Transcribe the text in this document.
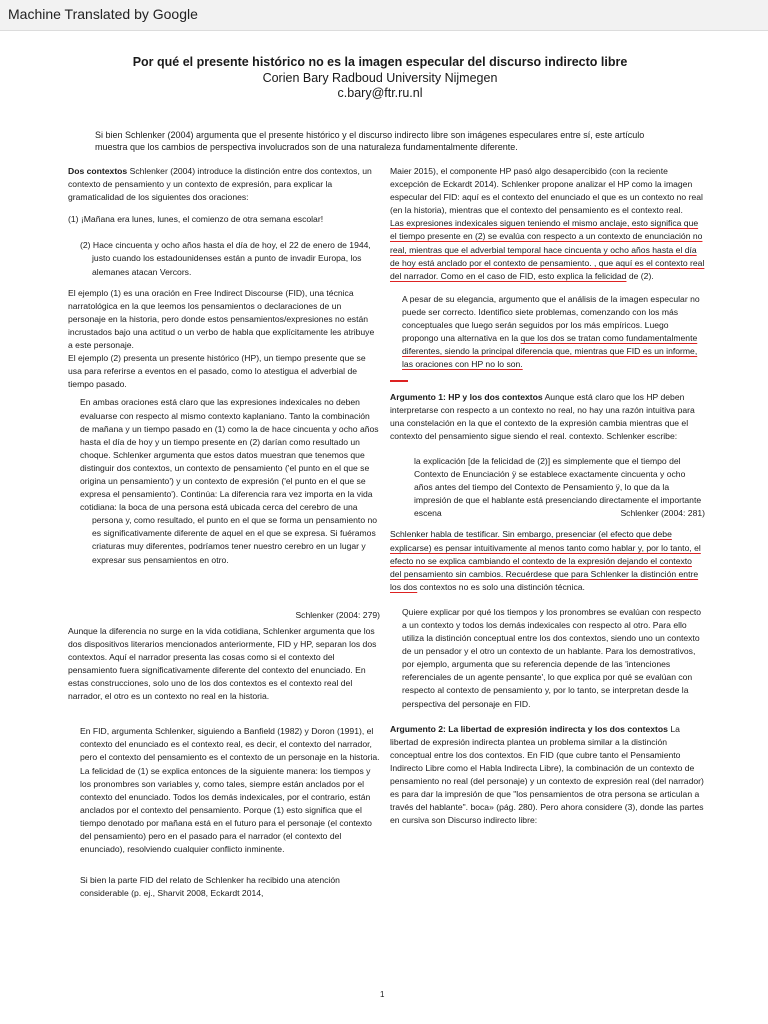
Machine Translated by Google
Por qué el presente histórico no es la imagen especular del discurso indirecto libre Corien Bary Radboud University Nijmegen
c.bary@ftr.ru.nl
Si bien Schlenker (2004) argumenta que el presente histórico y el discurso indirecto libre son imágenes especulares entre sí, este artículo muestra que los cambios de perspectiva involucrados son de una naturaleza fundamentalmente diferente.

Dos contextos Schlenker (2004) introduce la distinción entre dos contextos, un contexto de pensamiento y un contexto de expresión, para explicar la gramaticalidad de los siguientes dos oraciones:

(1) ¡Mañana era lunes, lunes, el comienzo de otra semana escolar!

(2) Hace cincuenta y ocho años hasta el día de hoy, el 22 de enero de 1944, justo cuando los estadounidenses están a punto de invadir Europa, los alemanes atacan Vercors.

El ejemplo (1) es una oración en Free Indirect Discourse (FID), una técnica narratológica en la que leemos los pensamientos o declaraciones de un personaje en la historia, pero donde estos pensamientos/expresiones no están incrustados bajo una actitud o un verbo de habla que explícitamente les atribuye a este personaje.

El ejemplo (2) presenta un presente histórico (HP), un tiempo presente que se usa para referirse a eventos en el pasado, como lo atestigua el adverbial de tiempo pasado.

En ambas oraciones está claro que las expresiones indexicales no deben evaluarse con respecto al mismo contexto kaplaniano. Tanto la combinación de mañana y un tiempo pasado en (1) como la de hace cincuenta y ocho años hasta el día de hoy y un tiempo presente en (2) darían como resultado un choque. Schlenker argumenta que estos datos muestran que tenemos que distinguir dos contextos, un contexto de pensamiento ('el punto en el que se origina un pensamiento') y un contexto de expresión ('el punto en el que se expresa el pensamiento'). Continúa: La diferencia rara vez importa en la vida cotidiana: la boca de una persona está ubicada cerca del cerebro de una

persona y, como resultado, el punto en el que se forma un pensamiento no es significativamente diferente de aquel en el que se expresa. Si fuéramos criaturas muy diferentes, podríamos tener nuestro cerebro en un lugar y expresar sus pensamientos en otro.

Schlenker (2004: 279)

Aunque la diferencia no surge en la vida cotidiana, Schlenker argumenta que los dos dispositivos literarios mencionados anteriormente, FID y HP, separan los dos contextos. Aquí el narrador presenta las cosas como si el contexto del pensamiento fuera significativamente diferente del contexto del enunciado. En estas construcciones, solo uno de los dos contextos es el contexto real del narrador, el otro es un contexto no real en la historia.

En FID, argumenta Schlenker, siguiendo a Banfield (1982) y Doron (1991), el contexto del enunciado es el contexto real, es decir, el contexto del narrador, pero el contexto del pensamiento es el contexto de un personaje en la historia. La felicidad de (1) se explica entonces de la siguiente manera: los tiempos y los pronombres son variables y, como tales, siempre están anclados por el contexto del enunciado. Todos los demás indexicales, por el contrario, están anclados por el contexto del pensamiento. Porque (1) esto significa que el tiempo denotado por mañana está en el futuro para el personaje (el contexto del pensamiento) pero en el pasado para el narrador (el contexto del enunciado), resolviendo cualquier conflicto inminente.

Si bien la parte FID del relato de Schlenker ha recibido una atención considerable (p. ej., Sharvit 2008, Eckardt 2014,

Maier 2015), el componente HP pasó algo desapercibido (con la reciente excepción de Eckardt 2014). Schlenker propone analizar el HP como la imagen especular del FID: aquí es el contexto del enunciado el que es un contexto no real (en la historia), mientras que el contexto del pensamiento es el contexto real.

Las expresiones indexicales siguen teniendo el mismo anclaje, esto significa que el tiempo presente en (2) se evalúa con respecto a un contexto de enunciación no real, mientras que el adverbial temporal hace cincuenta y ocho años hasta el día de hoy está anclado por el contexto de pensamiento. , que aquí es el contexto real del narrador. Como en el caso de FID, esto explica la felicidad de (2).

A pesar de su elegancia, argumento que el análisis de la imagen especular no puede ser correcto. Identifico siete problemas, comenzando con los más conceptuales que luego serán seguidos por los más empíricos. Luego propongo una alternativa en la que los dos se tratan como fundamentalmente diferentes, siendo la principal diferencia que, mientras que FID es un informe, las oraciones con HP no lo son.

Argumento 1: HP y los dos contextos Aunque está claro que los HP deben interpretarse con respecto a un contexto no real, no hay una razón intuitiva para una constelación en la que el contexto de la expresión cambia mientras que el contexto del pensamiento sigue siendo el real. contexto. Schlenker escribe:

la explicación [de la felicidad de (2)] es simplemente que el tiempo del Contexto de Enunciación ÿ se establece exactamente cincuenta y ocho años antes del tiempo del Contexto de Pensamiento ÿ, lo que da la impresión de que el hablante está presenciando directamente el importante escena	Schlenker (2004: 281)

Schlenker habla de testificar. Sin embargo, presenciar (el efecto que debe explicarse) es pensar intuitivamente al menos tanto como hablar y, por lo tanto, el efecto no se explica cambiando el contexto de la expresión dejando el contexto del pensamiento sin cambios. Recuérdese que para Schlenker la distinción entre los dos contextos no es solo una distinción técnica.

Quiere explicar por qué los tiempos y los pronombres se evalúan con respecto a un contexto y todos los demás indexicales con respecto al otro. Para ello utiliza la distinción conceptual entre los dos contextos, siendo uno un contexto de un pensador y el otro un contexto de un hablante. Para los demostrativos, por ejemplo, argumenta que su referencia depende de las 'intenciones referenciales de un agente pensante', lo que explica por qué se evalúan con respecto al contexto de pensamiento y, por lo tanto, se interpretan desde la perspectiva del personaje en FID.

Argumento 2: La libertad de expresión indirecta y los dos contextos La libertad de expresión indirecta plantea un problema similar a la distinción conceptual entre los dos contextos. En FID (que cubre tanto el Pensamiento Indirecto Libre como el Habla Indirecta Libre), la combinación de un contexto de pensamiento no real (del personaje) y un contexto de expresión real (del narrador) es para dar la impresión de que "los pensamientos de otra persona se articulan a través del hablante". boca» (pág. 280). Pero ahora considere (3), donde las partes en cursiva son Discurso indirecto libre:

1
